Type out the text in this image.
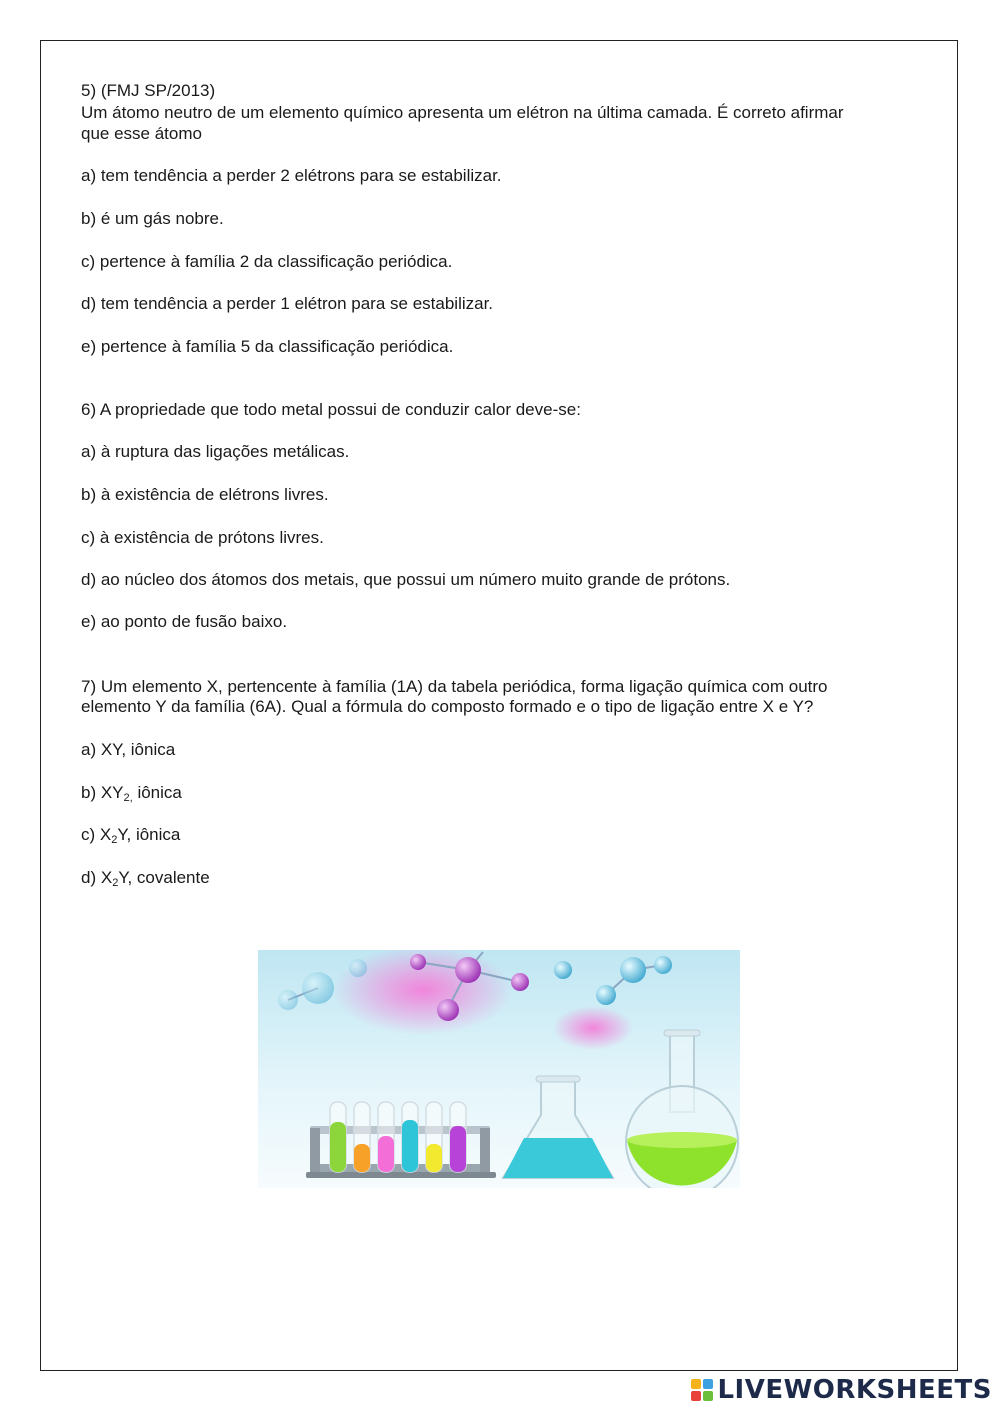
5) (FMJ SP/2013)
Um átomo neutro de um elemento químico apresenta um elétron na última camada. É correto afirmar
que esse átomo
a) tem tendência a perder 2 elétrons para se estabilizar.
b) é um gás nobre.
c) pertence à família 2 da classificação periódica.
d) tem tendência a perder 1 elétron para se estabilizar.
e) pertence à família 5 da classificação periódica.
6) A propriedade que todo metal possui de conduzir calor deve-se:
a) à ruptura das ligações metálicas.
b) à existência de elétrons livres.
c) à existência de prótons livres.
d) ao núcleo dos átomos dos metais, que possui um número muito grande de prótons.
e) ao ponto de fusão baixo.
7) Um elemento X, pertencente à família (1A) da tabela periódica, forma ligação química com outro
elemento Y da família (6A). Qual a fórmula do composto formado e o tipo de ligação entre X e Y?
a) XY, iônica
b) $XY_{2,}$ iônica
c) $X_2Y$, iônica
d) $X_2Y$, covalente
LIVEWORKSHEETS
